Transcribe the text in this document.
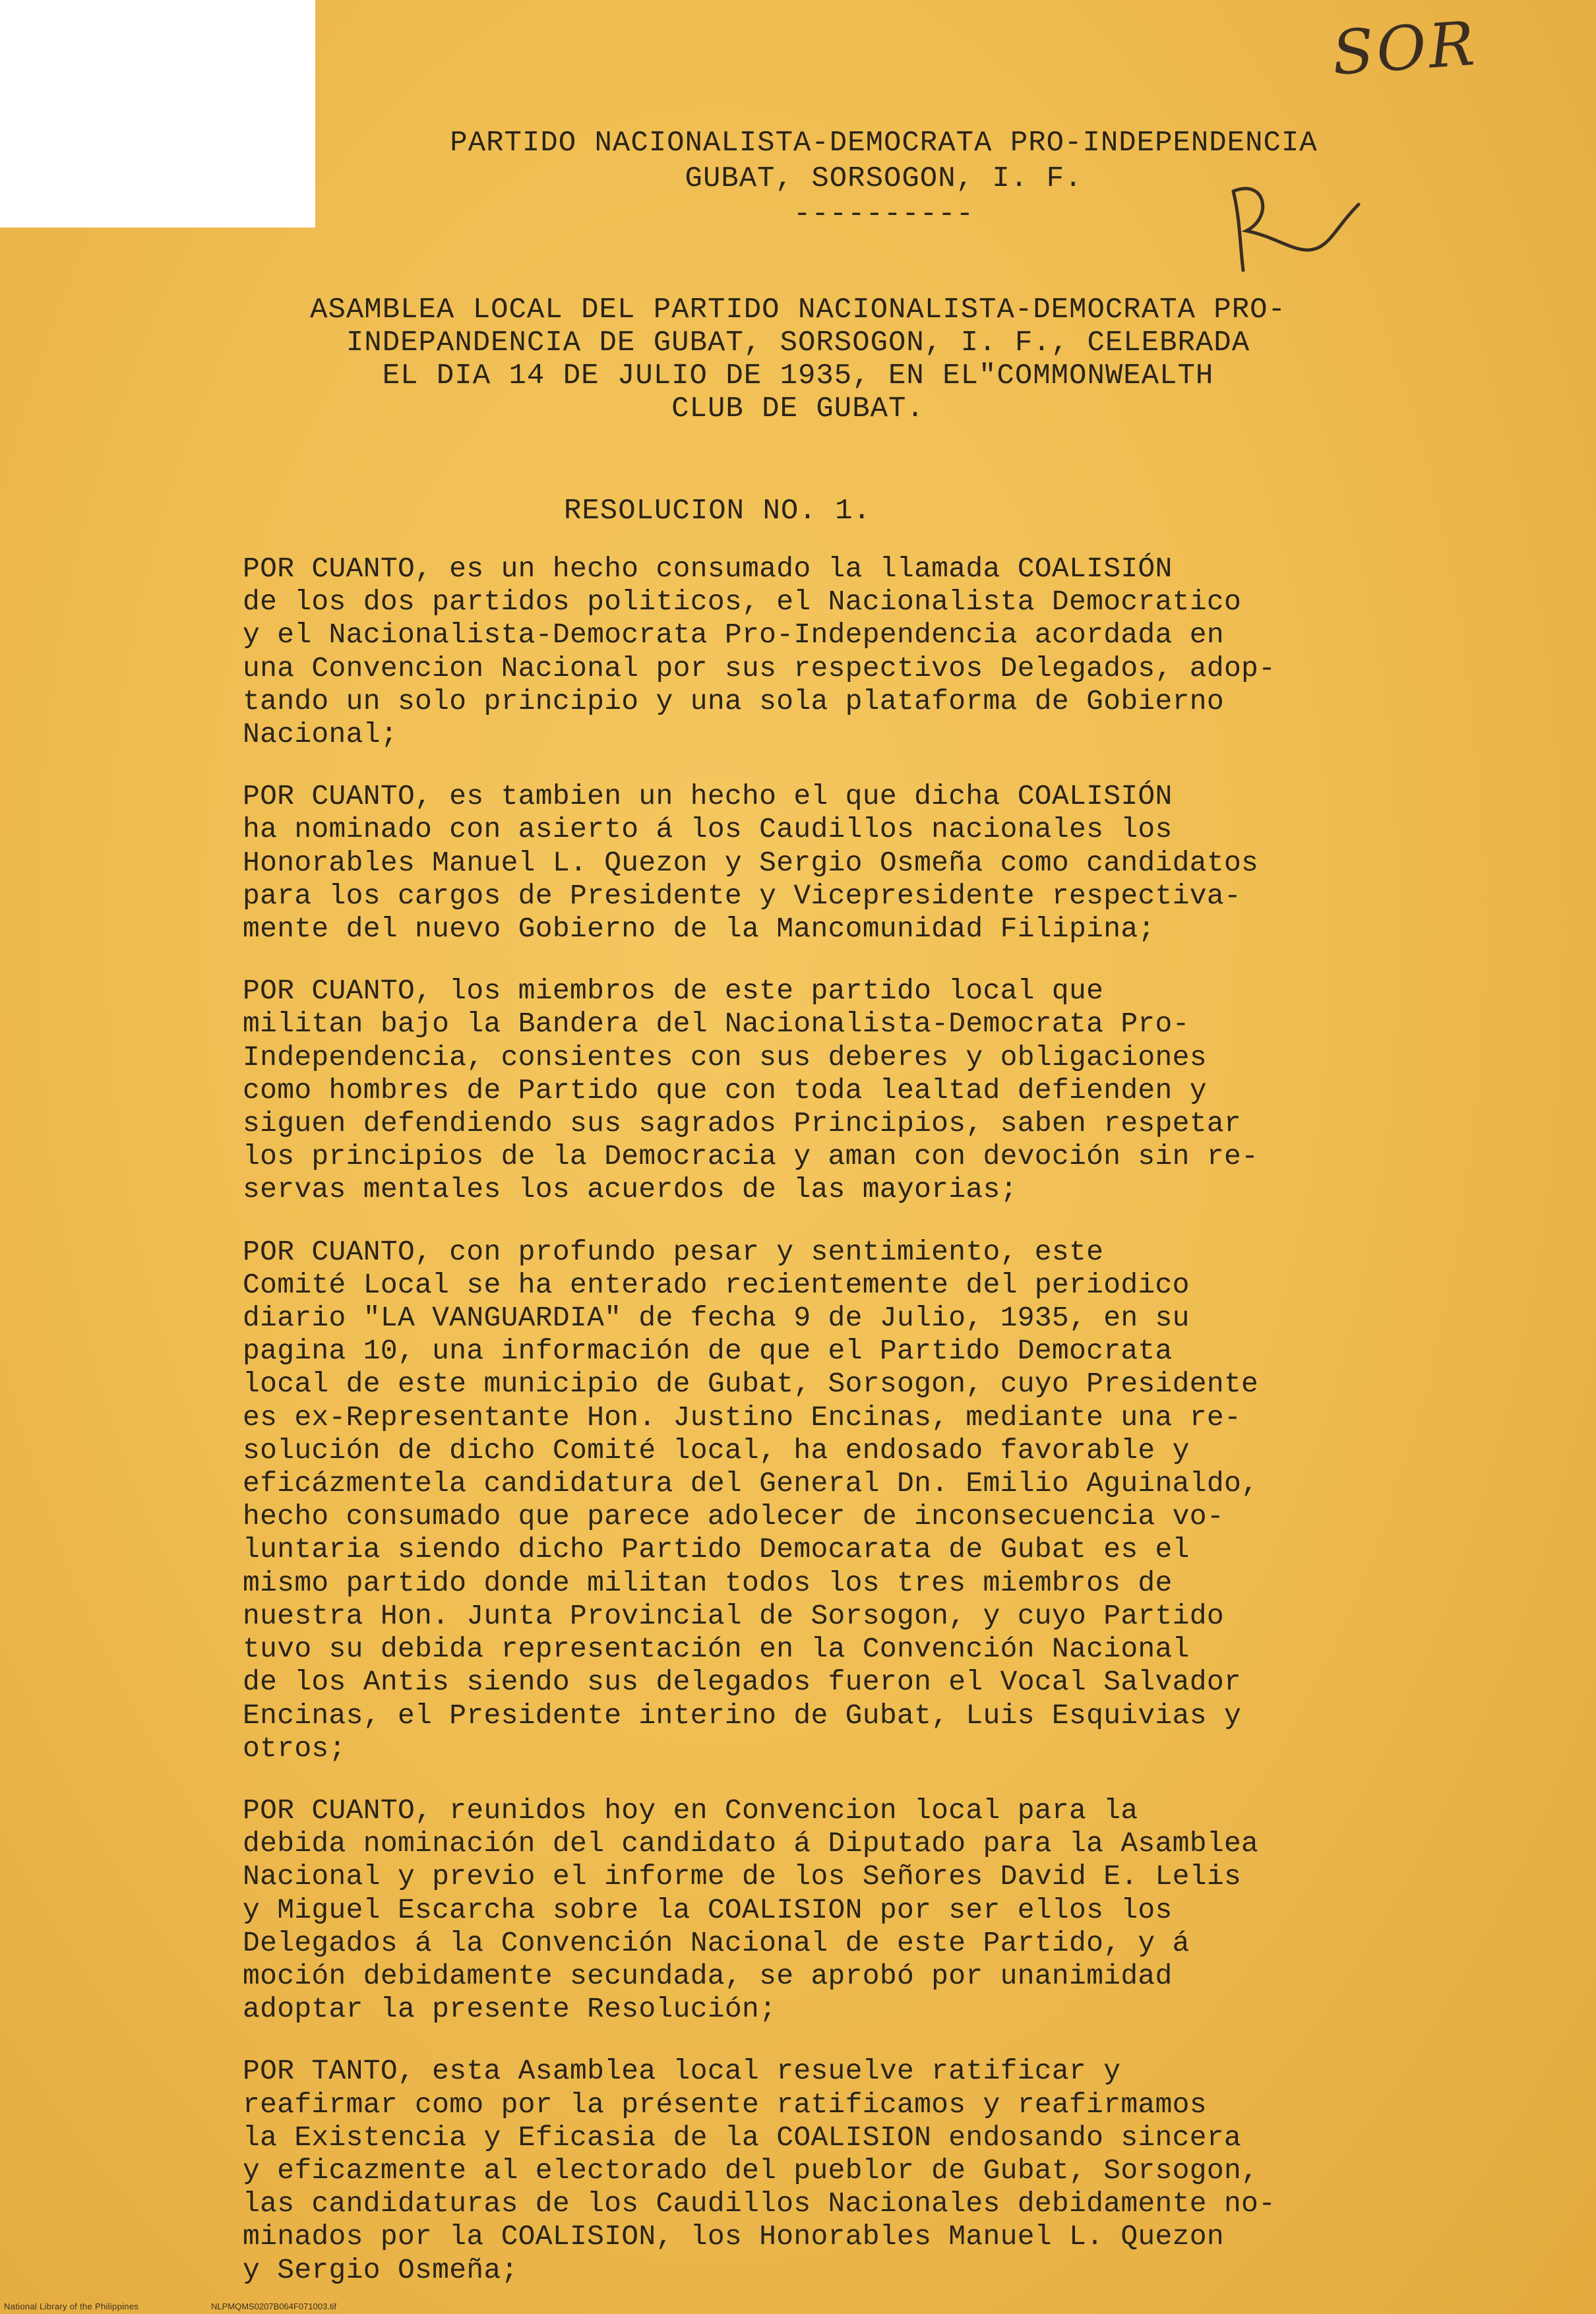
SOR
PARTIDO NACIONALISTA-DEMOCRATA PRO-INDEPENDENCIA
GUBAT, SORSOGON, I. F.
----------
ASAMBLEA LOCAL DEL PARTIDO NACIONALISTA-DEMOCRATA PRO-
INDEPANDENCIA DE GUBAT, SORSOGON, I. F., CELEBRADA
EL DIA 14 DE JULIO DE 1935, EN EL"COMMONWEALTH
CLUB DE GUBAT.
RESOLUCION NO. 1.

POR CUANTO, es un hecho consumado la llamada COALISIÓN
de los dos partidos politicos, el Nacionalista Democratico
y el Nacionalista-Democrata Pro-Independencia acordada en
una Convencion Nacional por sus respectivos Delegados, adop-
tando un solo principio y una sola plataforma de Gobierno
Nacional;

POR CUANTO, es tambien un hecho el que dicha COALISIÓN
ha nominado con asierto á los Caudillos nacionales los
Honorables Manuel L. Quezon y Sergio Osmeña como candidatos
para los cargos de Presidente y Vicepresidente respectiva-
mente del nuevo Gobierno de la Mancomunidad Filipina;

POR CUANTO, los miembros de este partido local que
militan bajo la Bandera del Nacionalista-Democrata Pro-
Independencia, consientes con sus deberes y obligaciones
como hombres de Partido que con toda lealtad defienden y
siguen defendiendo sus sagrados Principios, saben respetar
los principios de la Democracia y aman con devoción sin re-
servas mentales los acuerdos de las mayorias;

POR CUANTO, con profundo pesar y sentimiento, este
Comité Local se ha enterado recientemente del periodico
diario "LA VANGUARDIA" de fecha 9 de Julio, 1935, en su
pagina 10, una información de que el Partido Democrata
local de este municipio de Gubat, Sorsogon, cuyo Presidente
es ex-Representante Hon. Justino Encinas, mediante una re-
solución de dicho Comité local, ha endosado favorable y
eficázmentela candidatura del General Dn. Emilio Aguinaldo,
hecho consumado que parece adolecer de inconsecuencia vo-
luntaria siendo dicho Partido Democarata de Gubat es el
mismo partido donde militan todos los tres miembros de
nuestra Hon. Junta Provincial de Sorsogon, y cuyo Partido
tuvo su debida representación en la Convención Nacional
de los Antis siendo sus delegados fueron el Vocal Salvador
Encinas, el Presidente interino de Gubat, Luis Esquivias y
otros;

POR CUANTO, reunidos hoy en Convencion local para la
debida nominación del candidato á Diputado para la Asamblea
Nacional y previo el informe de los Señores David E. Lelis
y Miguel Escarcha sobre la COALISION por ser ellos los
Delegados á la Convención Nacional de este Partido, y á
moción debidamente secundada, se aprobó por unanimidad
adoptar la presente Resolución;

POR TANTO, esta Asamblea local resuelve ratificar y
reafirmar como por la présente ratificamos y reafirmamos
la Existencia y Eficasia de la COALISION endosando sincera
y eficazmente al electorado del pueblor de Gubat, Sorsogon,
las candidaturas de los Caudillos Nacionales debidamente no-
minados por la COALISION, los Honorables Manuel L. Quezon
y Sergio Osmeña;

National Library of the Philippines	NLPMQMS0207B064F071003.tif
